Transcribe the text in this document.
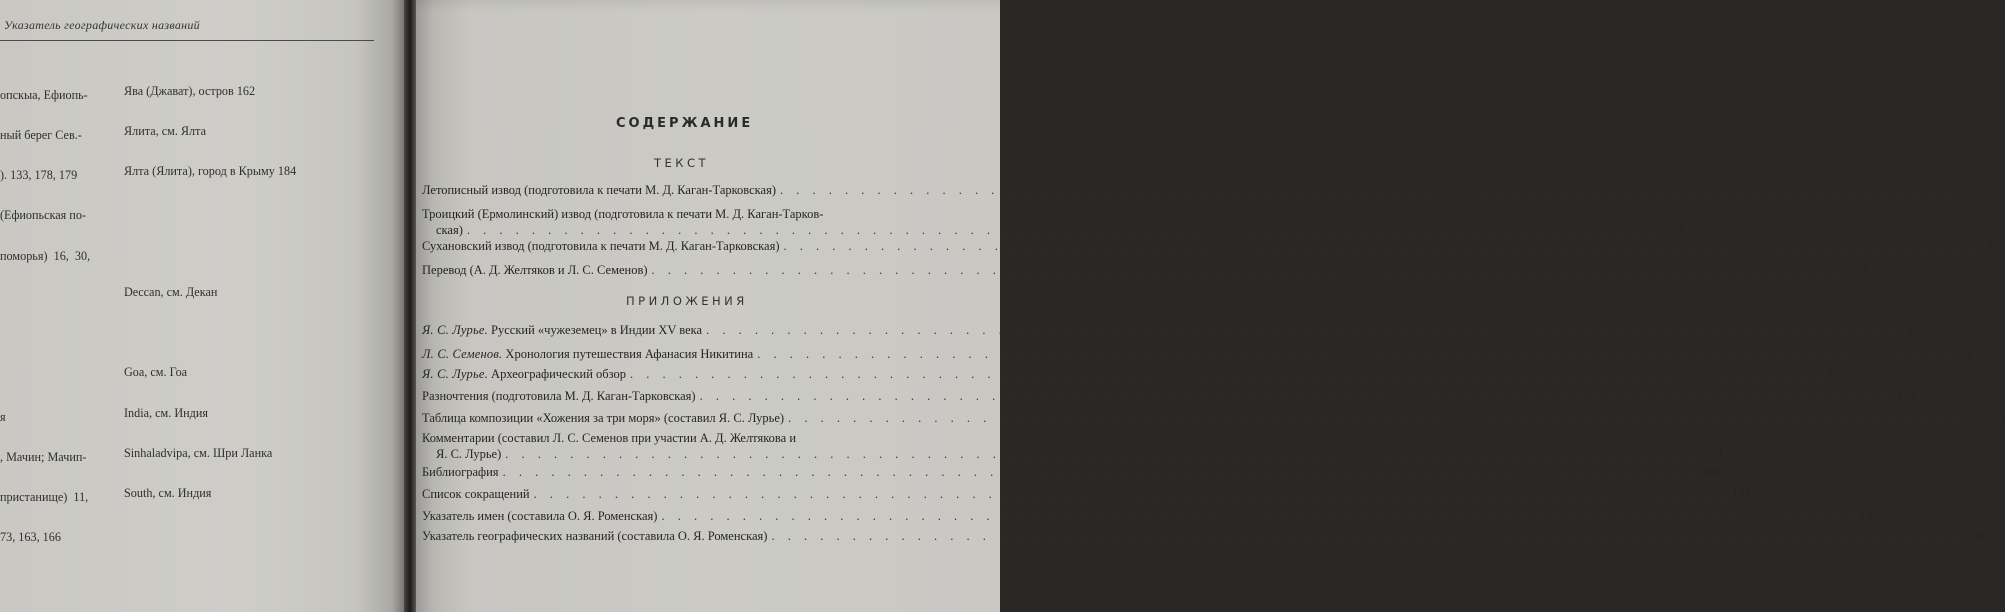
Указатель географических названий

опскыа, Ефиопь-

ный берег Сев.-

). 133, 178, 179

(Ефиопьская по-

поморья)  16,  30,

я

, Мачин; Мачип-

пристанище)  11,

73, 163, 166

Ява (Джават), остров 162

Ялита, см. Ялта

Ялта (Ялита), город в Крыму 184

Deccan, см. Декан

Goa, см. Гоа

India, см. Индия

Sinhaladvipa, см. Шри Ланка

South, см. Индия

СОДЕРЖАНИЕ
ТЕКСТ
Летописный извод (подготовила к печати М. Д. Каган-Тарковская) . . .	5
Троицкий (Ермолинский) извод (подготовила к печати М. Д. Каган-Тарков-
ская) . . .	18
Сухановский извод (подготовила к печати М. Д. Каган-Тарковская) . . .	32
Перевод (А. Д. Желтяков и Л. С. Семенов) . . .	43
ПРИЛОЖЕНИЯ
Я. С. Лурье. Русский «чужеземец» в Индии XV века . . .	61
Л. С. Семенов. Хронология путешествия Афанасия Никитина . . .	88
Я. С. Лурье. Археографический обзор . . .	108
Разночтения (подготовила М. Д. Каган-Тарковская) . . .	125
Таблица композиции «Хожения за три моря» (составил Я. С. Лурье) . . .	129
Комментарии (составил Л. С. Семенов при участии А. Д. Желтякова и
Я. С. Лурье) . . .	134
Библиография . . .	186
Список сокращений . . .	192
Указатель имен (составила О. Я. Роменская) . . .	196
Указатель географических названий (составила О. Я. Роменская) . . .	203
